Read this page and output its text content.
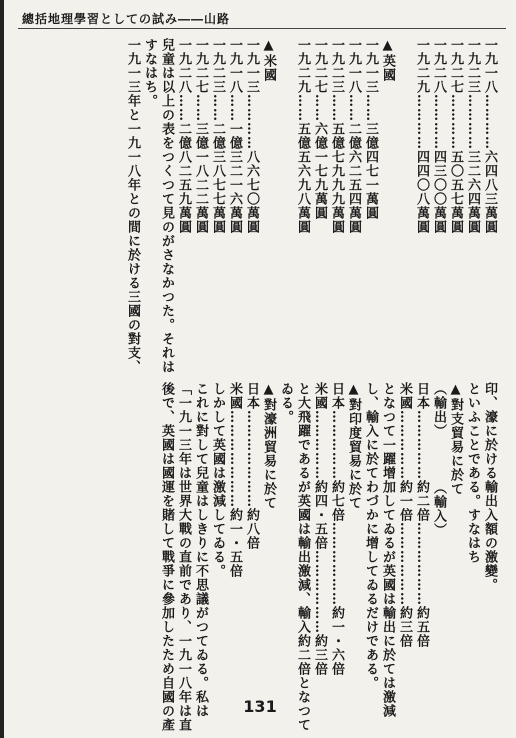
總括地理學習としての試み――山路
一九一八…………六四八三萬圓
一九二三…………三二六四萬圓
一九二七…………五〇五七萬圓
一九二八…………四三〇〇萬圓
一九二九…………四四〇八萬圓

▲英國
一九一三……三億四七一萬圓
一九一八……二億六二五四萬圓
一九二三……五億七九九九萬圓
一九二七……六億一七九萬圓
一九二九……五億五六九八萬圓

▲米國
一九一三…………八六七〇萬圓
一九一八……一億三二一六萬圓
一九二三……二億三八七七萬圓
一九二七……三億一八二二萬圓
一九二八……二億八二五九萬圓
兒童は以上の表をつくつて見のがさなかつた。それは
すなはち。
一九一三年と一九一八年との間に於ける三國の對支、
印、濠に於ける輸出入額の激變。
といふことである。すなはち
▲對支貿易に於て
（輸出）　　　　（輸入）
日本……………約二倍………………約五倍
米國……………約一倍………………約三倍
となつて一躍增加してゐるが英國は輸出に於ては激減
し、輸入に於てわづかに增してゐるだけである。
▲對印度貿易に於て
日本……………約七倍………………約一・六倍
米國……………約四・五倍………………約三倍
と大飛躍であるが英國は輸出激減、輸入約二倍となつて
ゐる。
▲對濠洲貿易に於て
日本…………………約八倍
米國…………………約一・五倍
しかして英國は激減してゐる。
これに對して兒童はしきりに不思議がつてゐる。私は
「一九一三年は世界大戰の直前であり、一九一八年は直
後で、英國は國運を賭して戰爭に參加したため自國の產	131
